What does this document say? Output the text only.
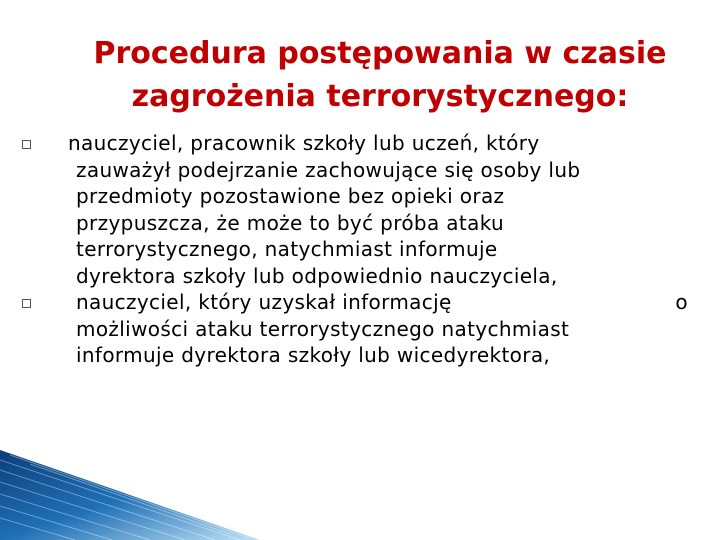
Procedura postępowania w czasie
zagrożenia terrorystycznego:
nauczyciel, pracownik szkoły lub uczeń, który
zauważył podejrzanie zachowujące się osoby lub
przedmioty pozostawione bez opieki oraz
przypuszcza, że może to być próba ataku
terrorystycznego, natychmiast informuje
dyrektora szkoły lub odpowiednio nauczyciela,
nauczyciel, który uzyskał informację	o
możliwości ataku terrorystycznego natychmiast
informuje dyrektora szkoły lub wicedyrektora,
